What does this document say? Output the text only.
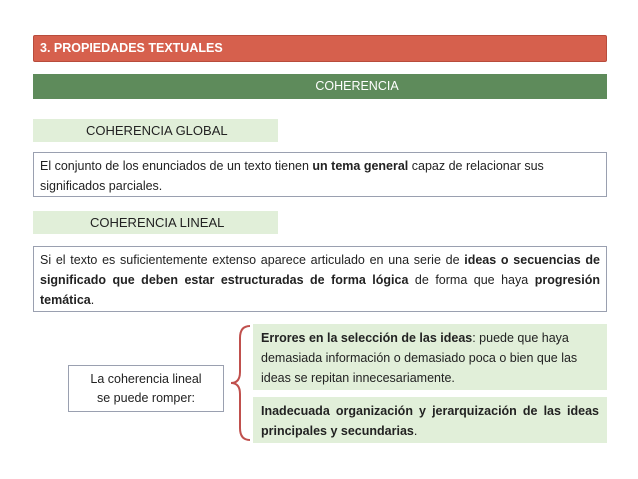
3. PROPIEDADES TEXTUALES
COHERENCIA
COHERENCIA GLOBAL
El conjunto de los enunciados de un texto tienen un tema general capaz de relacionar sus significados parciales.
COHERENCIA LINEAL
Si el texto es suficientemente extenso aparece articulado en una serie de ideas o secuencias de significado que deben estar estructuradas de forma lógica de forma que haya progresión temática.
La coherencia lineal
se puede romper:
Errores en la selección de las ideas: puede que haya demasiada información o demasiado poca o bien que las ideas se repitan innecesariamente.
Inadecuada organización y jerarquización de las ideas principales y secundarias.
